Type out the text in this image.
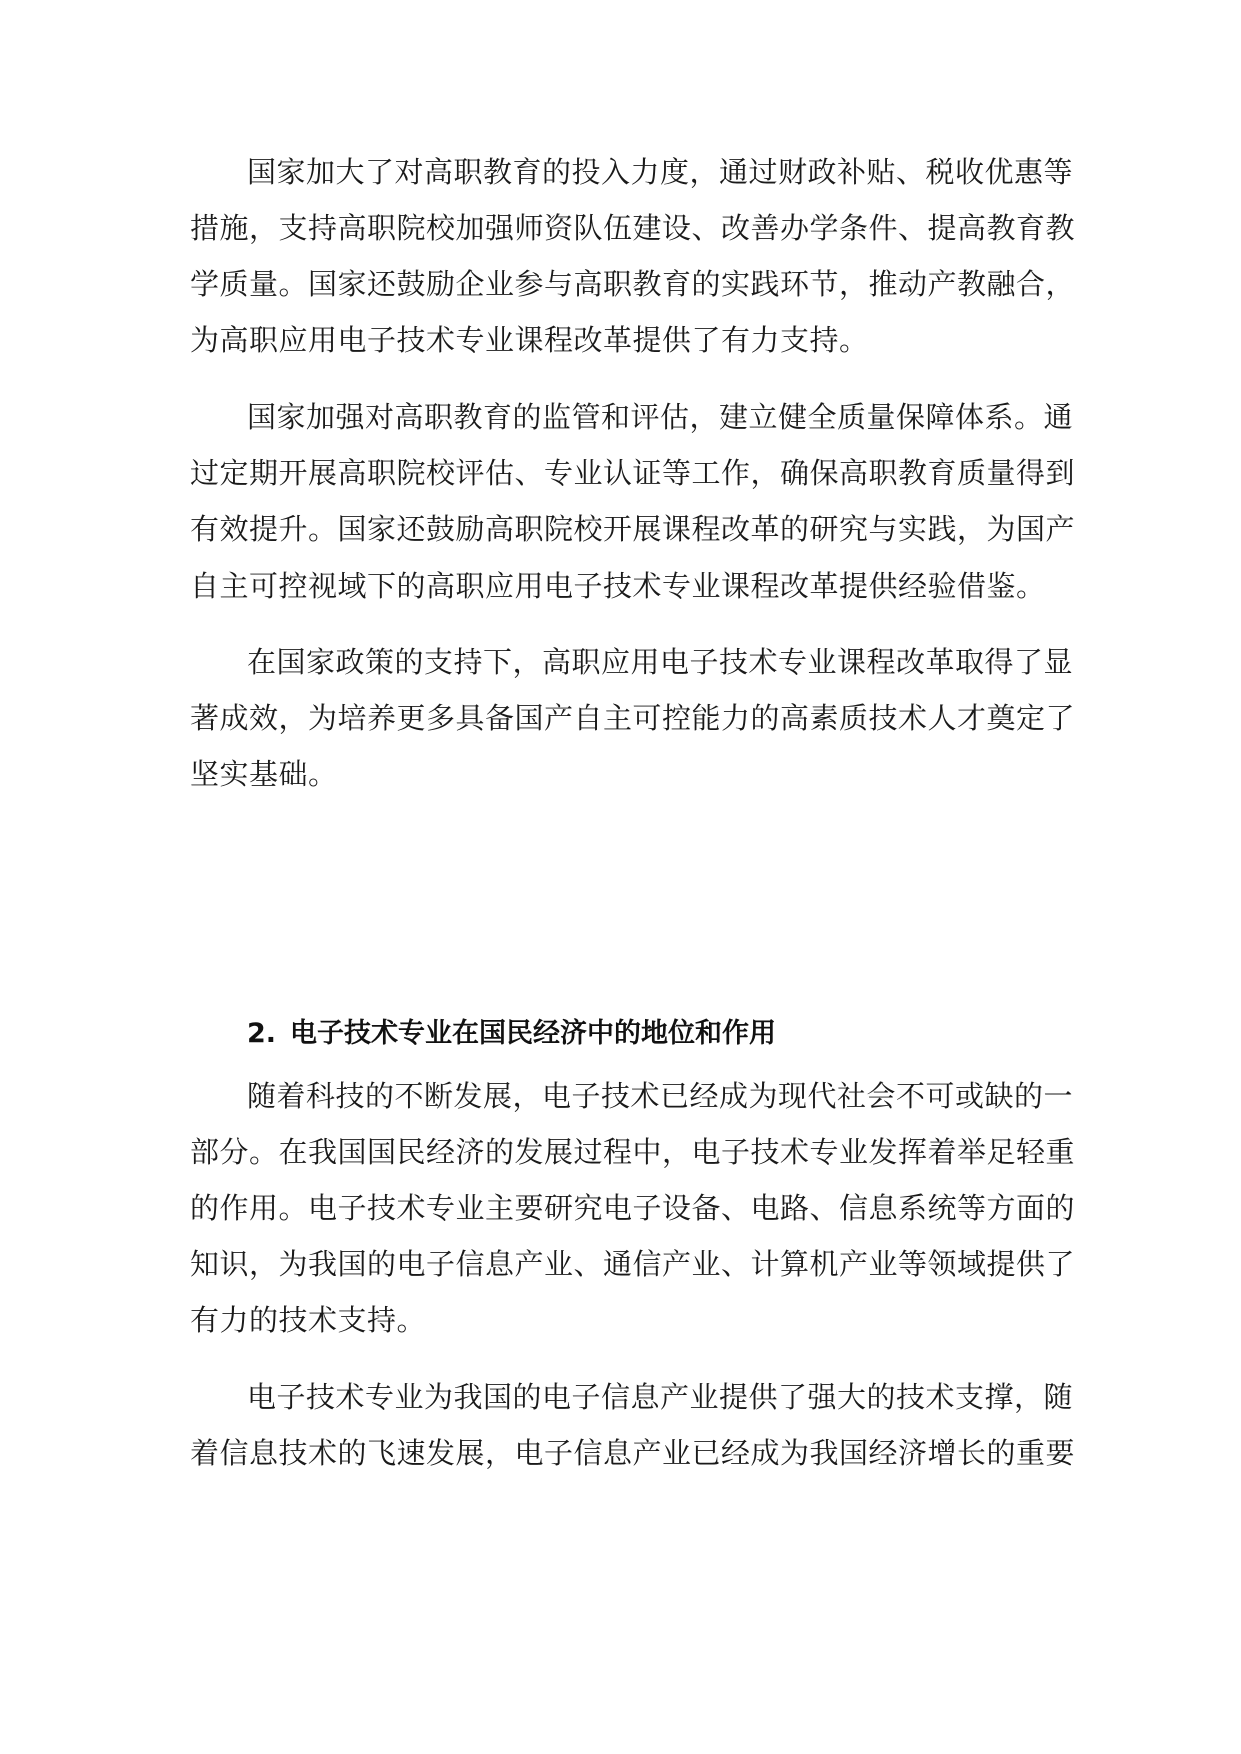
国家加大了对高职教育的投入力度，通过财政补贴、税收优惠等
措施，支持高职院校加强师资队伍建设、改善办学条件、提高教育教
学质量。国家还鼓励企业参与高职教育的实践环节，推动产教融合，
为高职应用电子技术专业课程改革提供了有力支持。
国家加强对高职教育的监管和评估，建立健全质量保障体系。通
过定期开展高职院校评估、专业认证等工作，确保高职教育质量得到
有效提升。国家还鼓励高职院校开展课程改革的研究与实践，为国产
自主可控视域下的高职应用电子技术专业课程改革提供经验借鉴。
在国家政策的支持下，高职应用电子技术专业课程改革取得了显
著成效，为培养更多具备国产自主可控能力的高素质技术人才奠定了
坚实基础。
2. 电子技术专业在国民经济中的地位和作用
随着科技的不断发展，电子技术已经成为现代社会不可或缺的一
部分。在我国国民经济的发展过程中，电子技术专业发挥着举足轻重
的作用。电子技术专业主要研究电子设备、电路、信息系统等方面的
知识，为我国的电子信息产业、通信产业、计算机产业等领域提供了
有力的技术支持。
电子技术专业为我国的电子信息产业提供了强大的技术支撑，随
着信息技术的飞速发展，电子信息产业已经成为我国经济增长的重要
